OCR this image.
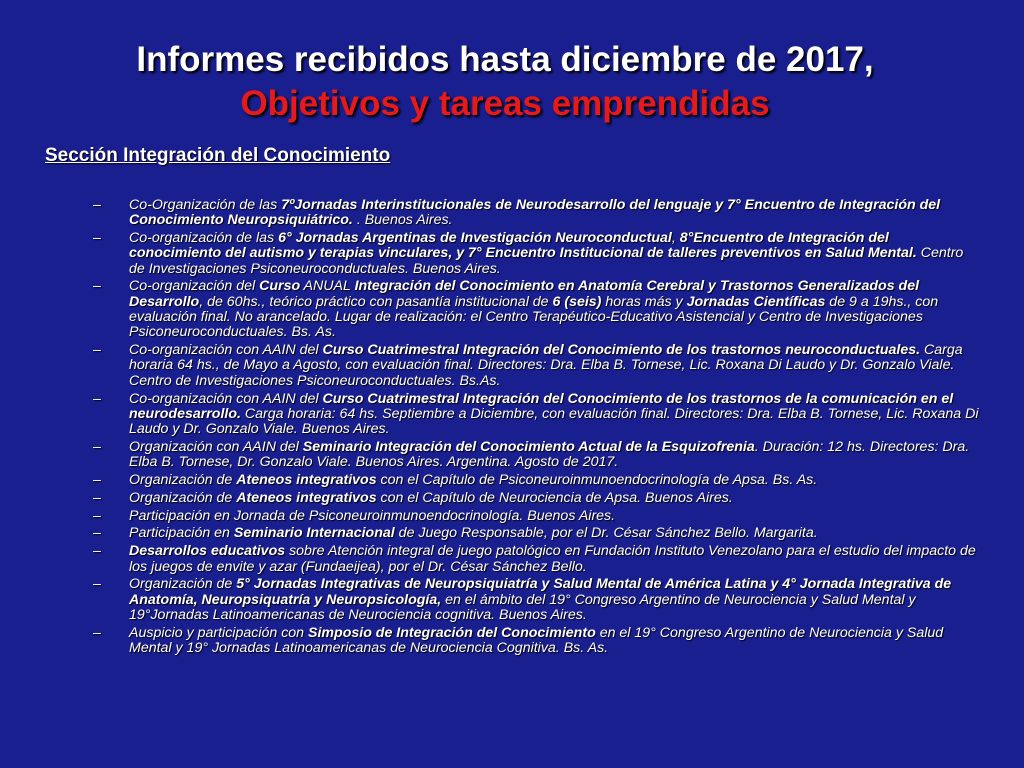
Informes recibidos hasta diciembre de 2017,
Objetivos y tareas emprendidas
Sección Integración del Conocimiento
– Co-Organización de las 7ºJornadas Interinstitucionales de Neurodesarrollo del lenguaje y 7° Encuentro de Integración del Conocimiento Neuropsiquiátrico. . Buenos Aires.
– Co-organización de las 6° Jornadas Argentinas de Investigación Neuroconductual, 8°Encuentro de Integración del conocimiento del autismo y terapias vinculares, y 7° Encuentro Institucional de talleres preventivos en Salud Mental. Centro de Investigaciones Psiconeuroconductuales. Buenos Aires.
– Co-organización del Curso ANUAL Integración del Conocimiento en Anatomía Cerebral y Trastornos Generalizados del Desarrollo, de 60hs., teórico práctico con pasantía institucional de 6 (seis) horas más y Jornadas Científicas de 9 a 19hs., con evaluación final. No arancelado. Lugar de realización: el Centro Terapéutico-Educativo Asistencial y Centro de Investigaciones Psiconeuroconductuales. Bs. As.
– Co-organización con AAIN del Curso Cuatrimestral Integración del Conocimiento de los trastornos neuroconductuales. Carga horaria 64 hs., de Mayo a Agosto, con evaluación final. Directores: Dra. Elba B. Tornese, Lic. Roxana Di Laudo y Dr. Gonzalo Viale. Centro de Investigaciones Psiconeuroconductuales. Bs.As.
– Co-organización con AAIN del Curso Cuatrimestral Integración del Conocimiento de los trastornos de la comunicación en el neurodesarrollo. Carga horaria: 64 hs. Septiembre a Diciembre, con evaluación final. Directores: Dra. Elba B. Tornese, Lic. Roxana Di Laudo y Dr. Gonzalo Viale. Buenos Aires.
– Organización con AAIN del Seminario Integración del Conocimiento Actual de la Esquizofrenia. Duración: 12 hs. Directores: Dra. Elba B. Tornese, Dr. Gonzalo Viale. Buenos Aires. Argentina. Agosto de 2017.
– Organización de Ateneos integrativos con el Capítulo de Psiconeuroinmunoendocrinología de Apsa. Bs. As.
– Organización de Ateneos integrativos con el Capítulo de Neurociencia de Apsa. Buenos Aires.
– Participación en Jornada de Psiconeuroinmunoendocrinología. Buenos Aires.
– Participación en Seminario Internacional de Juego Responsable, por el Dr. César Sánchez Bello. Margarita.
– Desarrollos educativos sobre Atención integral de juego patológico en Fundación Instituto Venezolano para el estudio del impacto de los juegos de envite y azar (Fundaeijea), por el Dr. César Sánchez Bello.
– Organización de 5° Jornadas Integrativas de Neuropsiquiatría y Salud Mental de América Latina y 4° Jornada Integrativa de Anatomía, Neuropsiquatría y Neuropsicología, en el ámbito del 19° Congreso Argentino de Neurociencia y Salud Mental y 19°Jornadas Latinoamericanas de Neurociencia cognitiva. Buenos Aires.
– Auspicio y participación con Simposio de Integración del Conocimiento en el 19° Congreso Argentino de Neurociencia y Salud Mental y 19° Jornadas Latinoamericanas de Neurociencia Cognitiva. Bs. As.
